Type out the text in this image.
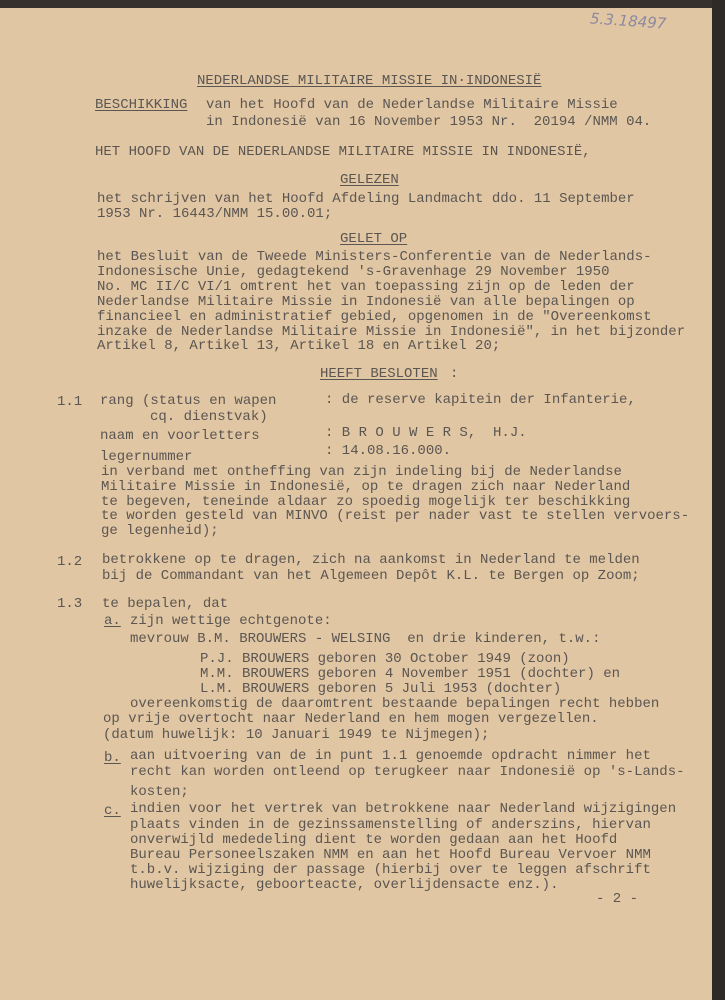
5.3.18497
NEDERLANDSE MILITAIRE MISSIE IN·INDONESIË
BESCHIKKING van het Hoofd van de Nederlandse Militaire Missie
in Indonesië van 16 November 1953 Nr.  20194 /NMM 04.
HET HOOFD VAN DE NEDERLANDSE MILITAIRE MISSIE IN INDONESIË,
GELEZEN
het schrijven van het Hoofd Afdeling Landmacht ddo. 11 September
1953 Nr. 16443/NMM 15.00.01;
GELET OP
het Besluit van de Tweede Ministers-Conferentie van de Nederlands-
Indonesische Unie, gedagtekend 's-Gravenhage 29 November 1950
No. MC II/C VI/1 omtrent het van toepassing zijn op de leden der
Nederlandse Militaire Missie in Indonesië van alle bepalingen op
financieel en administratief gebied, opgenomen in de "Overeenkomst
inzake de Nederlandse Militaire Missie in Indonesië", in het bijzonder
Artikel 8, Artikel 13, Artikel 18 en Artikel 20;
HEEFT BESLOTEN :
1.1 rang (status en wapen
cq. dienstvak)
: de reserve kapitein der Infanterie,
naam en voorletters	: B R O U W E R S,  H.J.
legernummer	: 14.08.16.000.
in verband met ontheffing van zijn indeling bij de Nederlandse
Militaire Missie in Indonesië, op te dragen zich naar Nederland
te begeven, teneinde aldaar zo spoedig mogelijk ter beschikking
te worden gesteld van MINVO (reist per nader vast te stellen vervoers-
ge legenheid);
1.2 betrokkene op te dragen, zich na aankomst in Nederland te melden
bij de Commandant van het Algemeen Depôt K.L. te Bergen op Zoom;
1.3 te bepalen, dat
a. zijn wettige echtgenote:
mevrouw B.M. BROUWERS - WELSING  en drie kinderen, t.w.:
P.J. BROUWERS geboren 30 October 1949 (zoon)
M.M. BROUWERS geboren 4 November 1951 (dochter) en
L.M. BROUWERS geboren 5 Juli 1953 (dochter)
overeenkomstig de daaromtrent bestaande bepalingen recht hebben
op vrije overtocht naar Nederland en hem mogen vergezellen.
(datum huwelijk: 10 Januari 1949 te Nijmegen);
b. aan uitvoering van de in punt 1.1 genoemde opdracht nimmer het
recht kan worden ontleend op terugkeer naar Indonesië op 's-Lands-
kosten;
c. indien voor het vertrek van betrokkene naar Nederland wijzigingen
plaats vinden in de gezinssamenstelling of anderszins, hiervan
onverwijld mededeling dient te worden gedaan aan het Hoofd
Bureau Personeelszaken NMM en aan het Hoofd Bureau Vervoer NMM
t.b.v. wijziging der passage (hierbij over te leggen afschrift
huwelijksacte, geboorteacte, overlijdensacte enz.).
- 2 -
